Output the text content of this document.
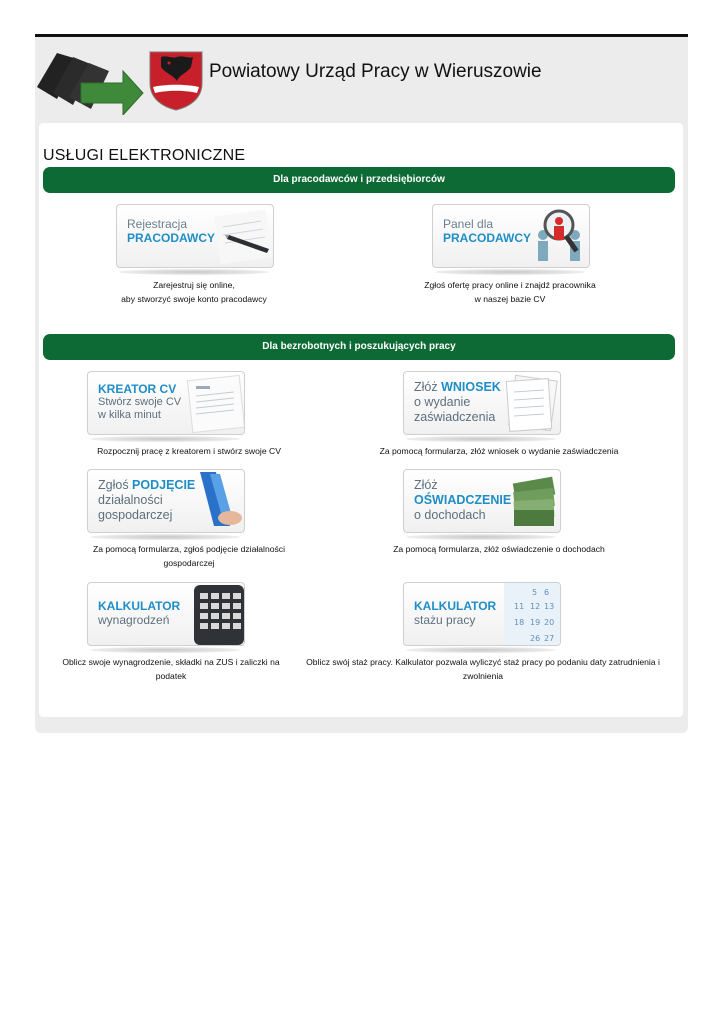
Powiatowy Urząd Pracy w Wieruszowie
USŁUGI ELEKTRONICZNE
Dla pracodawców i przedsiębiorców
Rejestracja
PRACODAWCY
Zarejestruj się online,
aby stworzyć swoje konto pracodawcy
Panel dla
PRACODAWCY
Zgłoś ofertę pracy online i znajdź pracownika
w naszej bazie CV
Dla bezrobotnych i poszukujących pracy
KREATOR CV
Stwórz swoje CV
w kilka minut
Rozpocznij pracę z kreatorem i stwórz swoje CV
Złóż WNIOSEK
o wydanie
zaświadczenia
Za pomocą formularza, złóż wniosek o wydanie zaświadczenia
Zgłoś PODJĘCIE
działalności
gospodarczej
Za pomocą formularza, zgłoś podjęcie działalności
gospodarczej
Złóż
OŚWIADCZENIE
o dochodach
Za pomocą formularza, złóż oświadczenie o dochodach
KALKULATOR
wynagrodzeń
Oblicz swoje wynagrodzenie, składki na ZUS i zaliczki na
podatek
KALKULATOR
stażu pracy
5 6
11 12 13
18 19 20
26 27
Oblicz swój staż pracy. Kalkulator pozwala wyliczyć staż pracy po podaniu daty zatrudnienia i
zwolnienia
